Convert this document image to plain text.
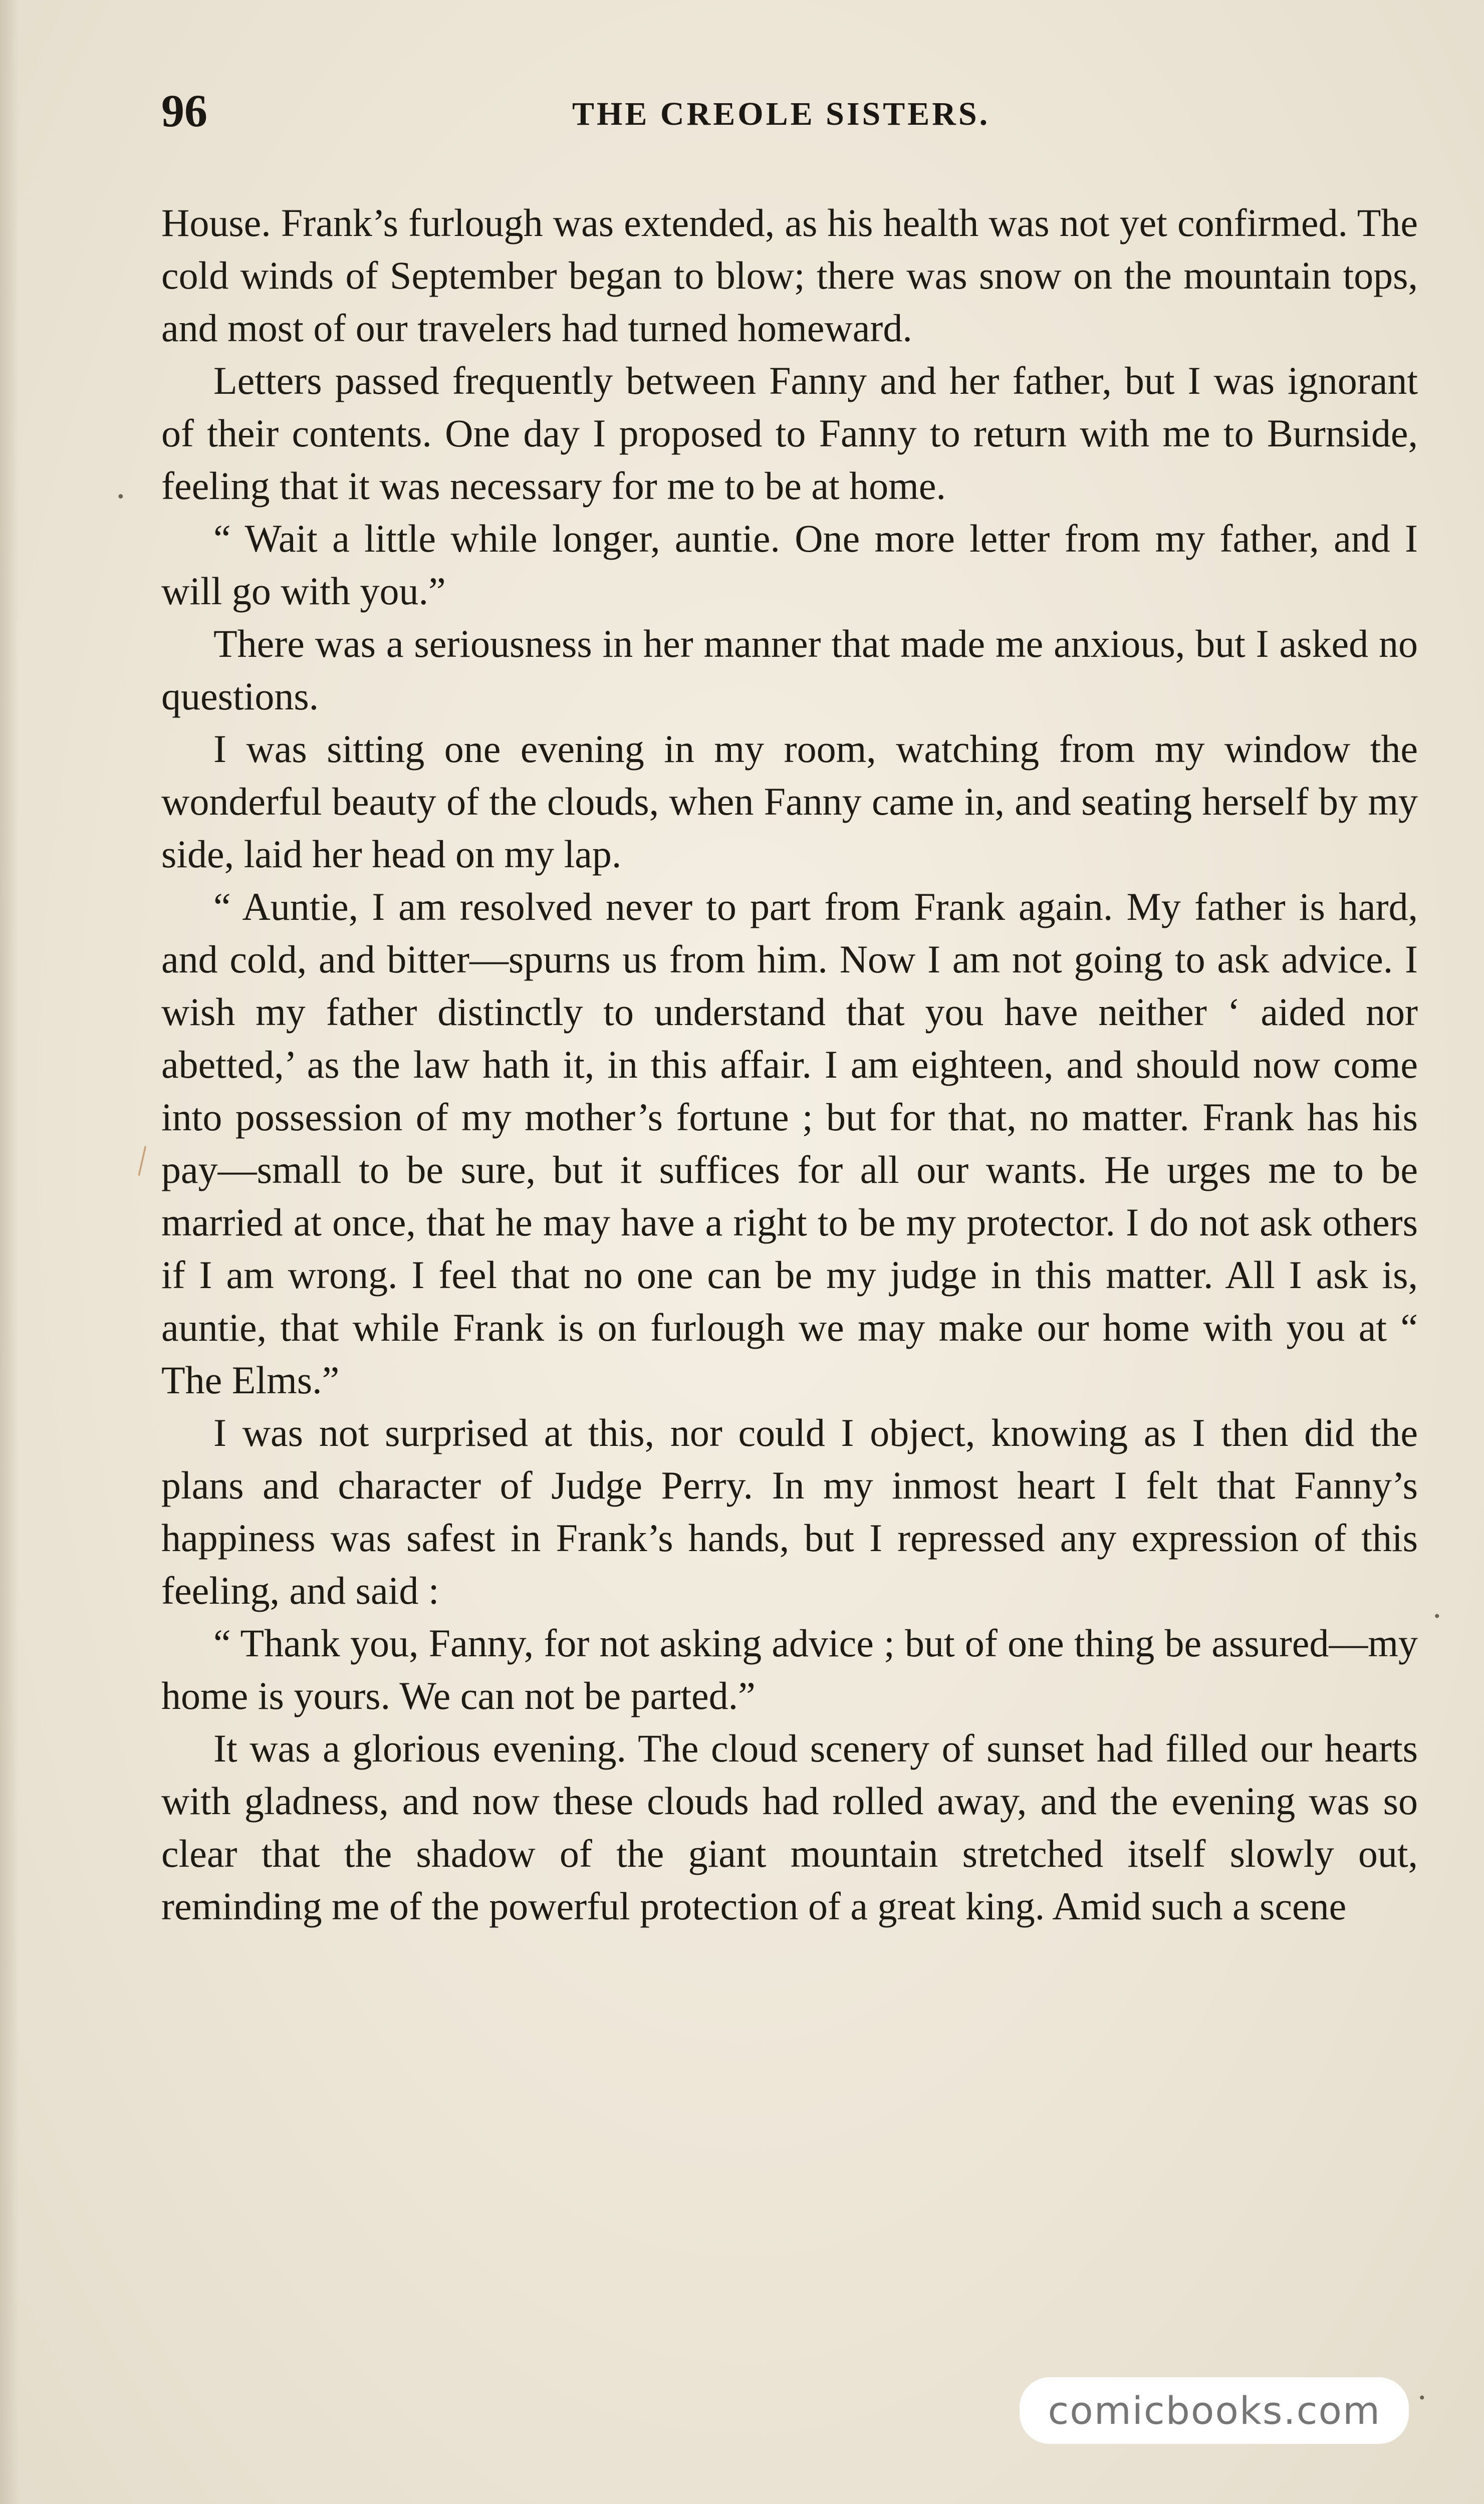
96	THE CREOLE SISTERS.

House. Frank’s furlough was extended, as his health was not yet confirmed. The cold winds of September began to blow; there was snow on the mountain tops, and most of our travelers had turned homeward.

Letters passed frequently between Fanny and her father, but I was ignorant of their contents. One day I proposed to Fanny to return with me to Burnside, feeling that it was necessary for me to be at home.

“ Wait a little while longer, auntie. One more letter from my father, and I will go with you.”

There was a seriousness in her manner that made me anxious, but I asked no questions.

I was sitting one evening in my room, watching from my window the wonderful beauty of the clouds, when Fanny came in, and seating herself by my side, laid her head on my lap.

“ Auntie, I am resolved never to part from Frank again. My father is hard, and cold, and bitter—spurns us from him. Now I am not going to ask advice. I wish my father distinctly to understand that you have neither ‘ aided nor abetted,’ as the law hath it, in this affair. I am eighteen, and should now come into possession of my mother’s fortune ; but for that, no matter. Frank has his pay—small to be sure, but it suffices for all our wants. He urges me to be married at once, that he may have a right to be my protector. I do not ask others if I am wrong. I feel that no one can be my judge in this matter. All I ask is, auntie, that while Frank is on furlough we may make our home with you at “ The Elms.”

I was not surprised at this, nor could I object, knowing as I then did the plans and character of Judge Perry. In my inmost heart I felt that Fanny’s happiness was safest in Frank’s hands, but I repressed any expression of this feeling, and said :

“ Thank you, Fanny, for not asking advice ; but of one thing be assured—my home is yours. We can not be parted.”

It was a glorious evening. The cloud scenery of sunset had filled our hearts with gladness, and now these clouds had rolled away, and the evening was so clear that the shadow of the giant mountain stretched itself slowly out, reminding me of the powerful protection of a great king. Amid such a scene

•
╲
•
•
comicbooks.com
